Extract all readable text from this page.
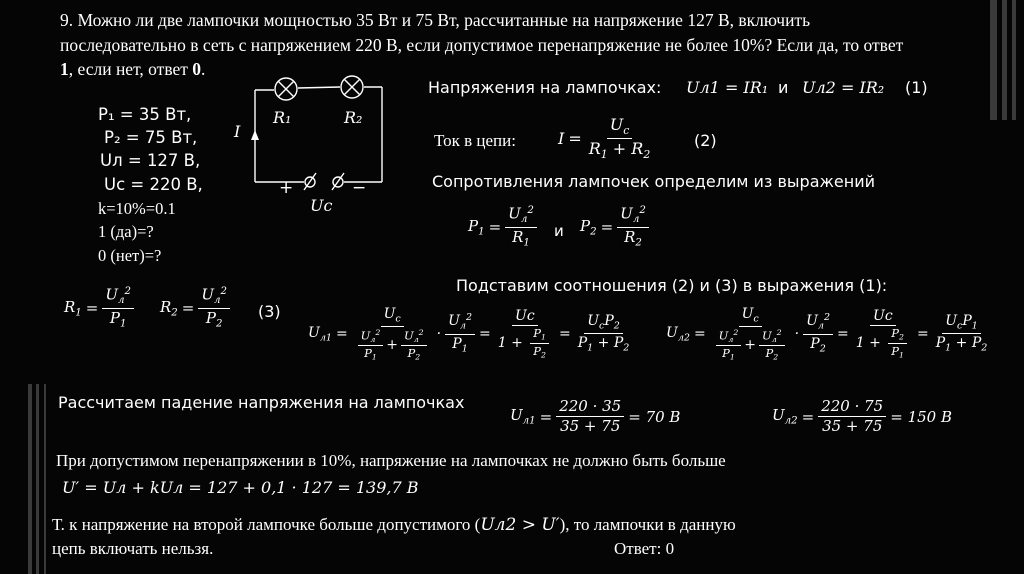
9. Можно ли две лампочки мощностью 35 Вт и 75 Вт, рассчитанные на напряжение 127 В, включить
последовательно в сеть с напряжением 220 В, если допустимое перенапряжение не более 10%? Если да, то ответ
1, если нет, ответ 0.
P₁ = 35 Вт,
P₂ = 75 Вт,
Uл = 127 В,
Uс = 220 В,
k=10%=0.1
1 (да)=?
0 (нет)=?
R₁	R₂
I
+	−
Uс
Напряжения на лампочках: Uл1 = IR₁ и Uл2 = IR₂ (1)
Ток в цепи:	$I = \frac{U_с}{R_1 + R_2}$	(2)
Сопротивления лампочек определим из выражений
$P_1 = \frac{U_л^2}{R_1}$ и $P_2 = \frac{U_л^2}{R_2}$
$R_1 = \frac{U_л^2}{P_1} R_2 = \frac{U_л^2}{P_2} (3)$
Подставим соотношения (2) и (3) в выражения (1):
$U_{л1} = \frac{U_с}{\frac{U_л^2}{P_1} + \frac{U_л^2}{P_2}} \cdot \frac{U_л^2}{P_1} = \frac{Uc}{1 + \frac{P_1}{P_2}} = \frac{U_сP_2}{P_1 + P_2} U_{л2} = \frac{U_с}{\frac{U_л^2}{P_1} + \frac{U_л^2}{P_2}} \cdot \frac{U_л^2}{P_2} = \frac{Uc}{1 + \frac{P_2}{P_1}} = \frac{U_сP_1}{P_1 + P_2}$
Рассчитаем падение напряжения на лампочках
$U_{л1} = \frac{220 \cdot 35}{35 + 75} = 70$ В	$U_{л2} = \frac{220 \cdot 75}{35 + 75} = 150$ В
При допустимом перенапряжении в 10%, напряжение на лампочках не должно быть больше
U′ = Uл + kUл = 127 + 0,1 · 127 = 139,7 В
Т. к напряжение на второй лампочке больше допустимого (Uл2 > U′), то лампочки в данную
цепь включать нельзя.	Ответ: 0
